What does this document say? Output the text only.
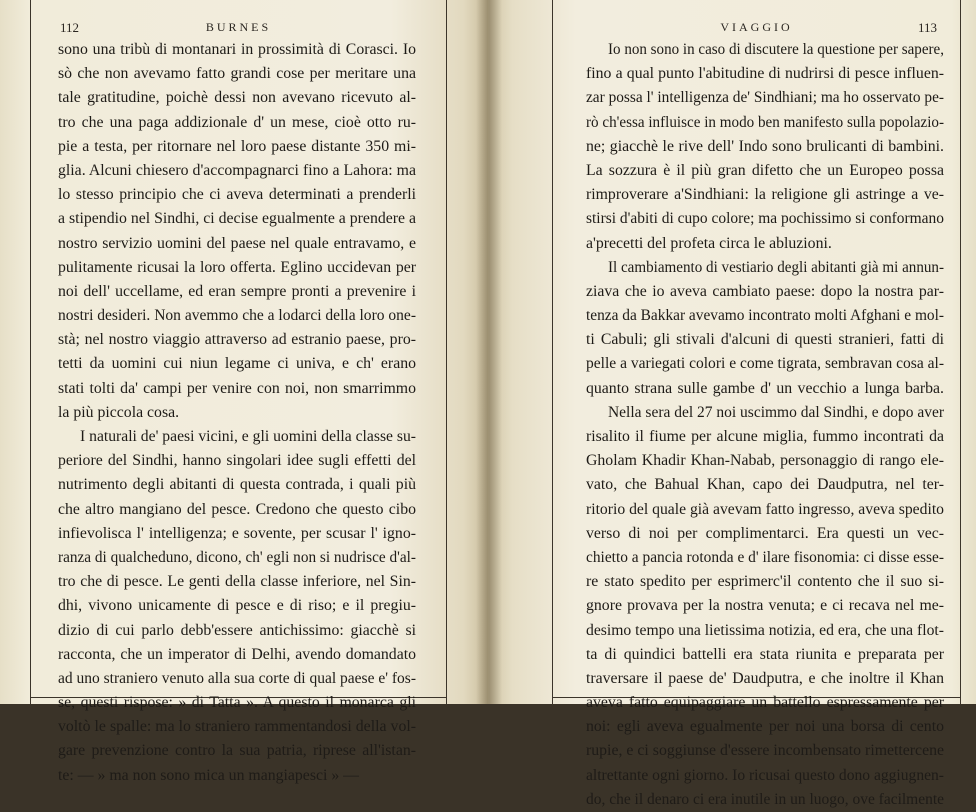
112	BURNES
sono una tribù di montanari in prossimità di Corasci. Io
sò che non avevamo fatto grandi cose per meritare una
tale gratitudine, poichè dessi non avevano ricevuto al-
tro che una paga addizionale d' un mese, cioè otto ru-
pie a testa, per ritornare nel loro paese distante 350 mi-
glia. Alcuni chiesero d'accompagnarci fino a Lahora: ma
lo stesso principio che ci aveva determinati a prenderli
a stipendio nel Sindhi, ci decise egualmente a prendere a
nostro servizio uomini del paese nel quale entravamo, e
pulitamente ricusai la loro offerta. Eglino uccidevan per
noi dell' uccellame, ed eran sempre pronti a prevenire i
nostri desideri. Non avemmo che a lodarci della loro one-
stà; nel nostro viaggio attraverso ad estranio paese, pro-
tetti da uomini cui niun legame ci univa, e ch' erano
stati tolti da' campi per venire con noi, non smarrimmo
la più piccola cosa.
I naturali de' paesi vicini, e gli uomini della classe su-
periore del Sindhi, hanno singolari idee sugli effetti del
nutrimento degli abitanti di questa contrada, i quali più
che altro mangiano del pesce. Credono che questo cibo
infievolisca l' intelligenza; e sovente, per scusar l' igno-
ranza di qualcheduno, dicono, ch' egli non si nudrisce d'al-
tro che di pesce. Le genti della classe inferiore, nel Sin-
dhi, vivono unicamente di pesce e di riso; e il pregiu-
dizio di cui parlo debb'essere antichissimo: giacchè si
racconta, che un imperator di Delhi, avendo domandato
ad uno straniero venuto alla sua corte di qual paese e' fos-
se, questi rispose: » di Tatta ». A questo il monarca gli
voltò le spalle: ma lo straniero rammentandosi della vol-
gare prevenzione contro la sua patria, riprese all'istan-
te: — » ma non sono mica un mangiapesci » —
VIAGGIO	113
Io non sono in caso di discutere la questione per sapere,
fino a qual punto l'abitudine di nudrirsi di pesce influen-
zar possa l' intelligenza de' Sindhiani; ma ho osservato pe-
rò ch'essa influisce in modo ben manifesto sulla popolazio-
ne; giacchè le rive dell' Indo sono brulicanti di bambini.
La sozzura è il più gran difetto che un Europeo possa
rimproverare a'Sindhiani: la religione gli astringe a ve-
stirsi d'abiti di cupo colore; ma pochissimo si conformano
a'precetti del profeta circa le abluzioni.
Il cambiamento di vestiario degli abitanti già mi annun-
ziava che io aveva cambiato paese: dopo la nostra par-
tenza da Bakkar avevamo incontrato molti Afghani e mol-
ti Cabuli; gli stivali d'alcuni di questi stranieri, fatti di
pelle a variegati colori e come tigrata, sembravan cosa al-
quanto strana sulle gambe d' un vecchio a lunga barba.
Nella sera del 27 noi uscimmo dal Sindhi, e dopo aver
risalito il fiume per alcune miglia, fummo incontrati da
Gholam Khadir Khan-Nabab, personaggio di rango ele-
vato, che Bahual Khan, capo dei Daudputra, nel ter-
ritorio del quale già avevam fatto ingresso, aveva spedito
verso di noi per complimentarci. Era questi un vec-
chietto a pancia rotonda e d' ilare fisonomia: ci disse esse-
re stato spedito per esprimerc'il contento che il suo si-
gnore provava per la nostra venuta; e ci recava nel me-
desimo tempo una lietissima notizia, ed era, che una flot-
ta di quindici battelli era stata riunita e preparata per
traversare il paese de' Daudputra, e che inoltre il Khan
aveva fatto equipaggiare un battello espressamente per
noi: egli aveva egualmente per noi una borsa di cento
rupie, e ci soggiunse d'essere incombensato rimettercene
altrettante ogni giorno. Io ricusai questo dono aggiugnen-
do, che il denaro ci era inutile in un luogo, ove facilmente
